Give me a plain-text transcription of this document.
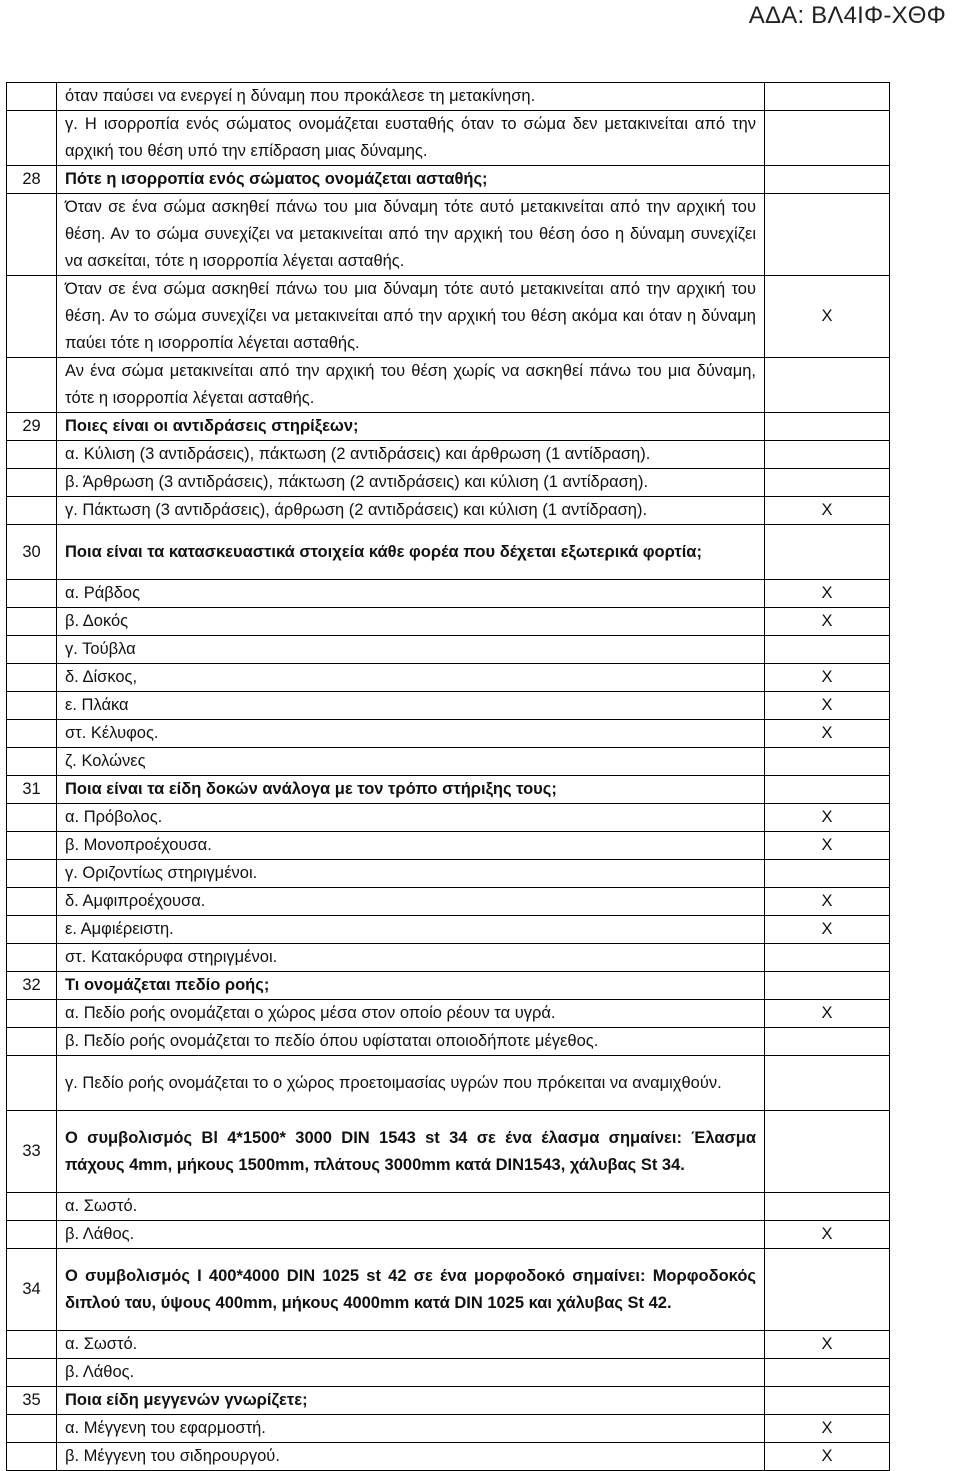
ΑΔΑ: ΒΛ4ΙΦ-ΧΘΦ
	όταν παύσει να ενεργεί η δύναμη που προκάλεσε τη μετακίνηση.	
	γ. Η ισορροπία ενός σώματος ονομάζεται ευσταθής όταν το σώμα δεν μετακινείται από την αρχική του θέση υπό την επίδραση μιας δύναμης.	
28	Πότε η ισορροπία ενός σώματος ονομάζεται ασταθής;	
	Όταν σε ένα σώμα ασκηθεί πάνω του μια δύναμη τότε αυτό μετακινείται από την αρχική του θέση. Αν το σώμα συνεχίζει να μετακινείται από την αρχική του θέση όσο η δύναμη συνεχίζει να ασκείται, τότε η ισορροπία λέγεται ασταθής.	
	Όταν σε ένα σώμα ασκηθεί πάνω του μια δύναμη τότε αυτό μετακινείται από την αρχική του θέση. Αν το σώμα συνεχίζει να μετακινείται από την αρχική του θέση ακόμα και όταν η δύναμη παύει τότε η ισορροπία λέγεται ασταθής.	Χ
	Αν ένα σώμα μετακινείται από την αρχική του θέση χωρίς να ασκηθεί πάνω του μια δύναμη, τότε η ισορροπία λέγεται ασταθής.	
29	Ποιες είναι οι αντιδράσεις στηρίξεων;	
	α. Κύλιση (3 αντιδράσεις), πάκτωση (2 αντιδράσεις) και άρθρωση (1 αντίδραση).	
	β. Άρθρωση (3 αντιδράσεις), πάκτωση (2 αντιδράσεις) και κύλιση (1 αντίδραση).	
	γ. Πάκτωση (3 αντιδράσεις), άρθρωση (2 αντιδράσεις) και κύλιση (1 αντίδραση).	Χ
30	Ποια είναι τα κατασκευαστικά στοιχεία κάθε φορέα που δέχεται εξωτερικά φορτία;	
	α. Ράβδος	Χ
	β. Δοκός	Χ
	γ. Τούβλα	
	δ. Δίσκος,	Χ
	ε. Πλάκα	Χ
	στ. Κέλυφος.	Χ
	ζ. Κολώνες	
31	Ποια είναι τα είδη δοκών ανάλογα με τον τρόπο στήριξης τους;	
	α. Πρόβολος.	Χ
	β. Μονοπροέχουσα.	Χ
	γ. Οριζοντίως στηριγμένοι.	
	δ. Αμφιπροέχουσα.	Χ
	ε. Αμφιέρειστη.	Χ
	στ. Κατακόρυφα στηριγμένοι.	
32	Τι ονομάζεται πεδίο ροής;	
	α. Πεδίο ροής ονομάζεται ο χώρος μέσα στον οποίο ρέουν τα υγρά.	Χ
	β. Πεδίο ροής ονομάζεται το πεδίο όπου υφίσταται οποιοδήποτε μέγεθος.	
	γ. Πεδίο ροής ονομάζεται το ο χώρος προετοιμασίας υγρών που πρόκειται να αναμιχθούν.	
33	Ο συμβολισμός Βl 4*1500* 3000 DIN 1543 st 34 σε ένα έλασμα σημαίνει: Έλασμα πάχους 4mm, μήκους 1500mm, πλάτους 3000mm κατά DIN1543, χάλυβας St 34.	
	α. Σωστό.	
	β. Λάθος.	Χ
34	Ο συμβολισμός Ι 400*4000 DIN 1025 st 42 σε ένα μορφοδοκό σημαίνει: Μορφοδοκός διπλού ταυ, ύψους 400mm, μήκους 4000mm κατά DIN 1025 και χάλυβας St 42.	
	α. Σωστό.	Χ
	β. Λάθος.	
35	Ποια είδη μεγγενών γνωρίζετε;	
	α. Μέγγενη του εφαρμοστή.	Χ
	β. Μέγγενη του σιδηρουργού.	Χ
